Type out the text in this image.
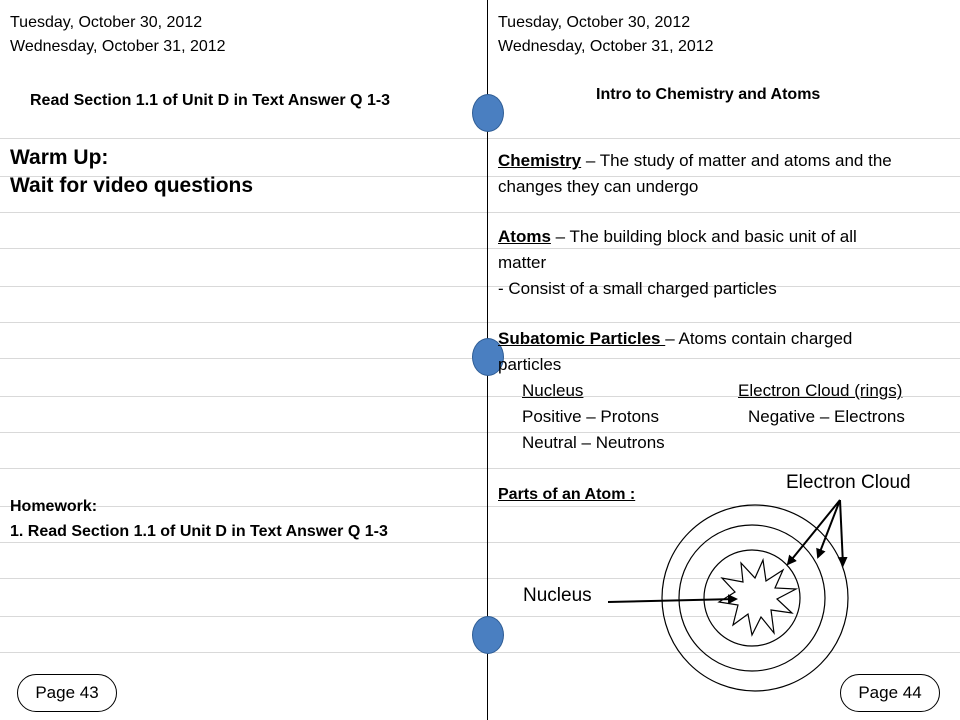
Tuesday, October 30, 2012
Wednesday, October 31, 2012
Read Section 1.1 of Unit D in Text Answer Q 1-3
Warm Up:
Wait for video questions
Homework:
1. Read Section 1.1 of Unit D in Text Answer Q 1-3
Page 43
Tuesday, October 30, 2012
Wednesday, October 31, 2012
Intro to Chemistry and Atoms
Chemistry – The study of matter and atoms and the
changes they can undergo
Atoms – The building block and basic unit of all
matter
- Consist of a small charged particles
Subatomic Particles – Atoms contain charged
particles
Nucleus	Electron Cloud (rings)
Positive – Protons	Negative – Electrons
Neutral – Neutrons
Parts of an Atom :
Electron Cloud
Nucleus
Page 44
